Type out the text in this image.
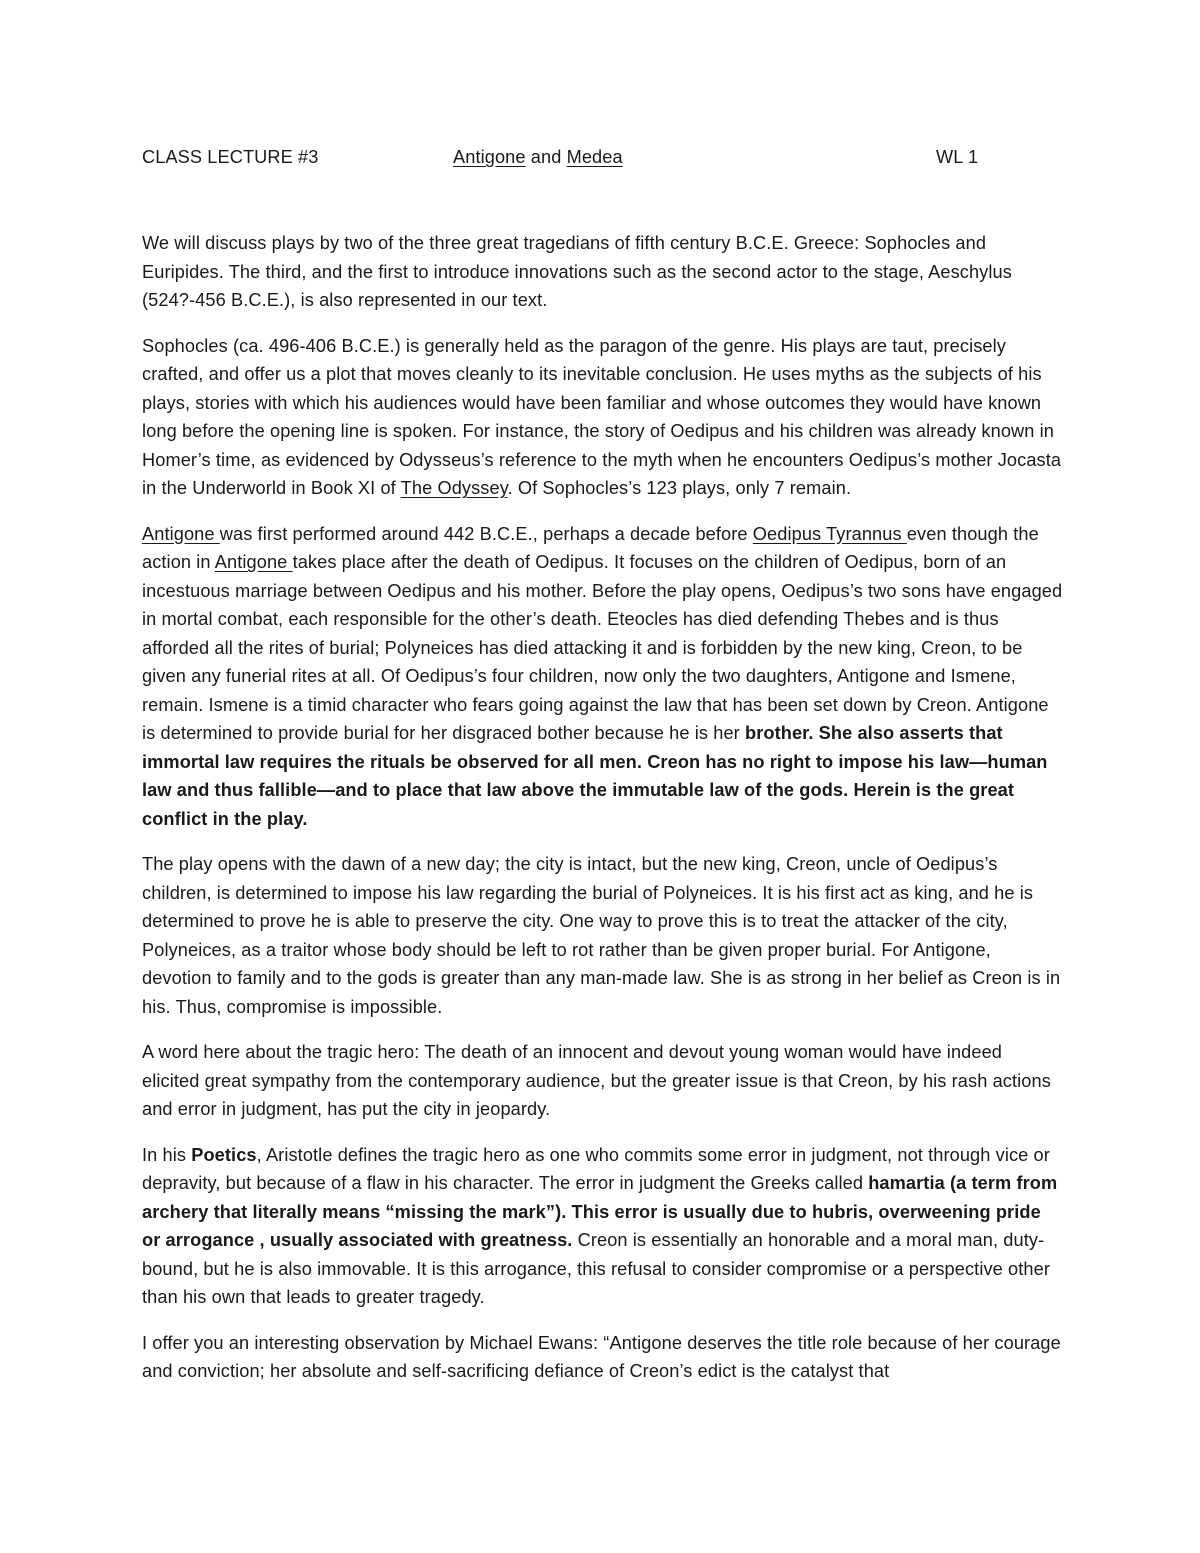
CLASS LECTURE #3	Antigone and Medea	WL 1

We will discuss plays by two of the three great tragedians of fifth century B.C.E. Greece: Sophocles and Euripides. The third, and the first to introduce innovations such as the second actor to the stage, Aeschylus (524?-456 B.C.E.), is also represented in our text.

Sophocles (ca. 496-406 B.C.E.) is generally held as the paragon of the genre. His plays are taut, precisely crafted, and offer us a plot that moves cleanly to its inevitable conclusion. He uses myths as the subjects of his plays, stories with which his audiences would have been familiar and whose outcomes they would have known long before the opening line is spoken. For instance, the story of Oedipus and his children was already known in Homer’s time, as evidenced by Odysseus’s reference to the myth when he encounters Oedipus’s mother Jocasta in the Underworld in Book XI of The Odyssey. Of Sophocles’s 123 plays, only 7 remain.

Antigone was first performed around 442 B.C.E., perhaps a decade before Oedipus Tyrannus even though the action in Antigone takes place after the death of Oedipus. It focuses on the children of Oedipus, born of an incestuous marriage between Oedipus and his mother. Before the play opens, Oedipus’s two sons have engaged in mortal combat, each responsible for the other’s death. Eteocles has died defending Thebes and is thus afforded all the rites of burial; Polyneices has died attacking it and is forbidden by the new king, Creon, to be given any funerial rites at all. Of Oedipus’s four children, now only the two daughters, Antigone and Ismene, remain. Ismene is a timid character who fears going against the law that has been set down by Creon. Antigone is determined to provide burial for her disgraced bother because he is her brother. She also asserts that immortal law requires the rituals be observed for all men. Creon has no right to impose his law—human law and thus fallible—and to place that law above the immutable law of the gods. Herein is the great conflict in the play.

The play opens with the dawn of a new day; the city is intact, but the new king, Creon, uncle of Oedipus’s children, is determined to impose his law regarding the burial of Polyneices. It is his first act as king, and he is determined to prove he is able to preserve the city. One way to prove this is to treat the attacker of the city, Polyneices, as a traitor whose body should be left to rot rather than be given proper burial. For Antigone, devotion to family and to the gods is greater than any man-made law. She is as strong in her belief as Creon is in his. Thus, compromise is impossible.

A word here about the tragic hero: The death of an innocent and devout young woman would have indeed elicited great sympathy from the contemporary audience, but the greater issue is that Creon, by his rash actions and error in judgment, has put the city in jeopardy.

In his Poetics, Aristotle defines the tragic hero as one who commits some error in judgment, not through vice or depravity, but because of a flaw in his character. The error in judgment the Greeks called hamartia (a term from archery that literally means “missing the mark”). This error is usually due to hubris, overweening pride or arrogance , usually associated with greatness. Creon is essentially an honorable and a moral man, duty-bound, but he is also immovable. It is this arrogance, this refusal to consider compromise or a perspective other than his own that leads to greater tragedy.

I offer you an interesting observation by Michael Ewans: “Antigone deserves the title role because of her courage and conviction; her absolute and self-sacrificing defiance of Creon’s edict is the catalyst that
